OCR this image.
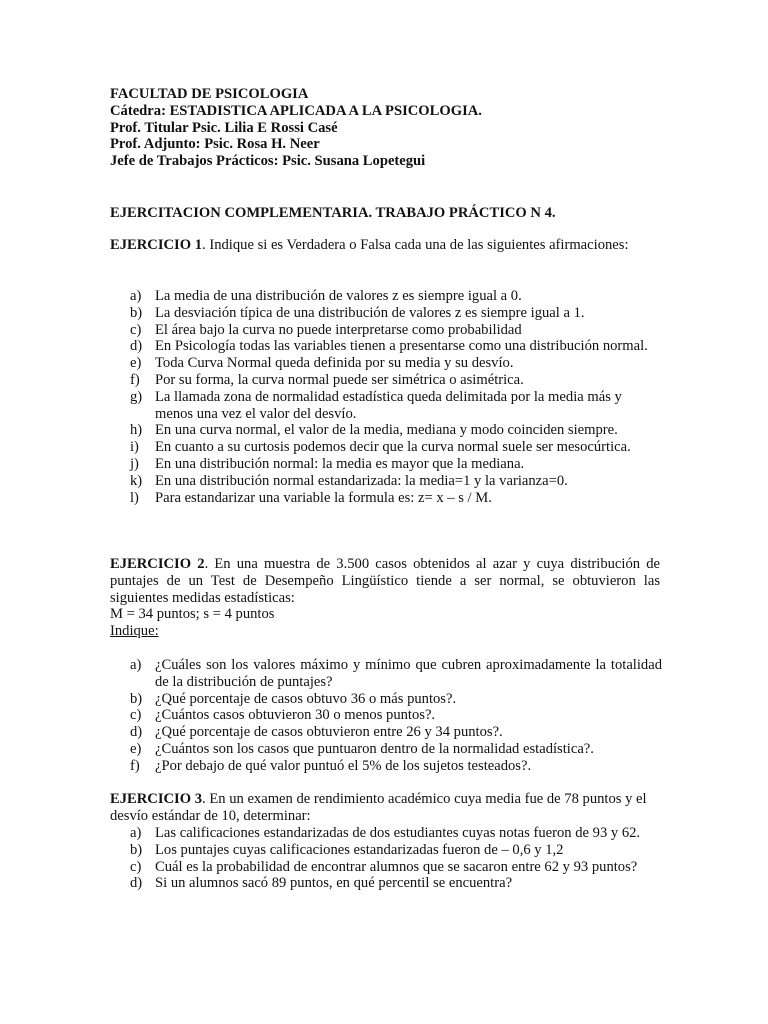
FACULTAD DE PSICOLOGIA
Cátedra: ESTADISTICA APLICADA A LA PSICOLOGIA.
Prof. Titular Psic. Lilia E Rossi Casé
Prof. Adjunto: Psic. Rosa H. Neer
Jefe de Trabajos Prácticos: Psic. Susana Lopetegui
EJERCITACION COMPLEMENTARIA. TRABAJO PRÁCTICO N 4.
EJERCICIO 1. Indique si es Verdadera o Falsa cada una de las siguientes afirmaciones:
a) La media de una distribución de valores z es siempre igual a 0.
b) La desviación típica de una distribución de valores z es siempre igual a 1.
c) El área bajo la curva no puede interpretarse como probabilidad
d) En Psicología todas las variables tienen a presentarse como una distribución normal.
e) Toda Curva Normal queda definida por su media y su desvío.
f) Por su forma, la curva normal puede ser simétrica o asimétrica.
g) La llamada zona de normalidad estadística queda delimitada por la media más y menos una vez el valor del desvío.
h) En una curva normal, el valor de la media, mediana y modo coinciden siempre.
i) En cuanto a su curtosis podemos decir que la curva normal suele ser mesocúrtica.
j) En una distribución normal: la media es mayor que la mediana.
k) En una distribución normal estandarizada: la media=1 y la varianza=0.
l) Para estandarizar una variable la formula es: z= x – s / M.
EJERCICIO 2. En una muestra de 3.500 casos obtenidos al azar y cuya distribución de puntajes de un Test de Desempeño Lingüístico tiende a ser normal, se obtuvieron las siguientes medidas estadísticas:
M = 34 puntos; s = 4 puntos
Indique:
a) ¿Cuáles son los valores máximo y mínimo que cubren aproximadamente la totalidad de la distribución de puntajes?
b) ¿Qué porcentaje de casos obtuvo 36 o más puntos?.
c) ¿Cuántos casos obtuvieron 30 o menos puntos?.
d) ¿Qué porcentaje de casos obtuvieron entre 26 y 34 puntos?.
e) ¿Cuántos son los casos que puntuaron dentro de la normalidad estadística?.
f) ¿Por debajo de qué valor puntuó el 5% de los sujetos testeados?.
EJERCICIO 3. En un examen de rendimiento académico cuya media fue de 78 puntos y el desvío estándar de 10, determinar:
a) Las calificaciones estandarizadas de dos estudiantes cuyas notas fueron de 93 y 62.
b) Los puntajes cuyas calificaciones estandarizadas fueron de – 0,6 y 1,2
c) Cuál es la probabilidad de encontrar alumnos que se sacaron entre 62 y 93 puntos?
d) Si un alumnos sacó 89 puntos, en qué percentil se encuentra?
